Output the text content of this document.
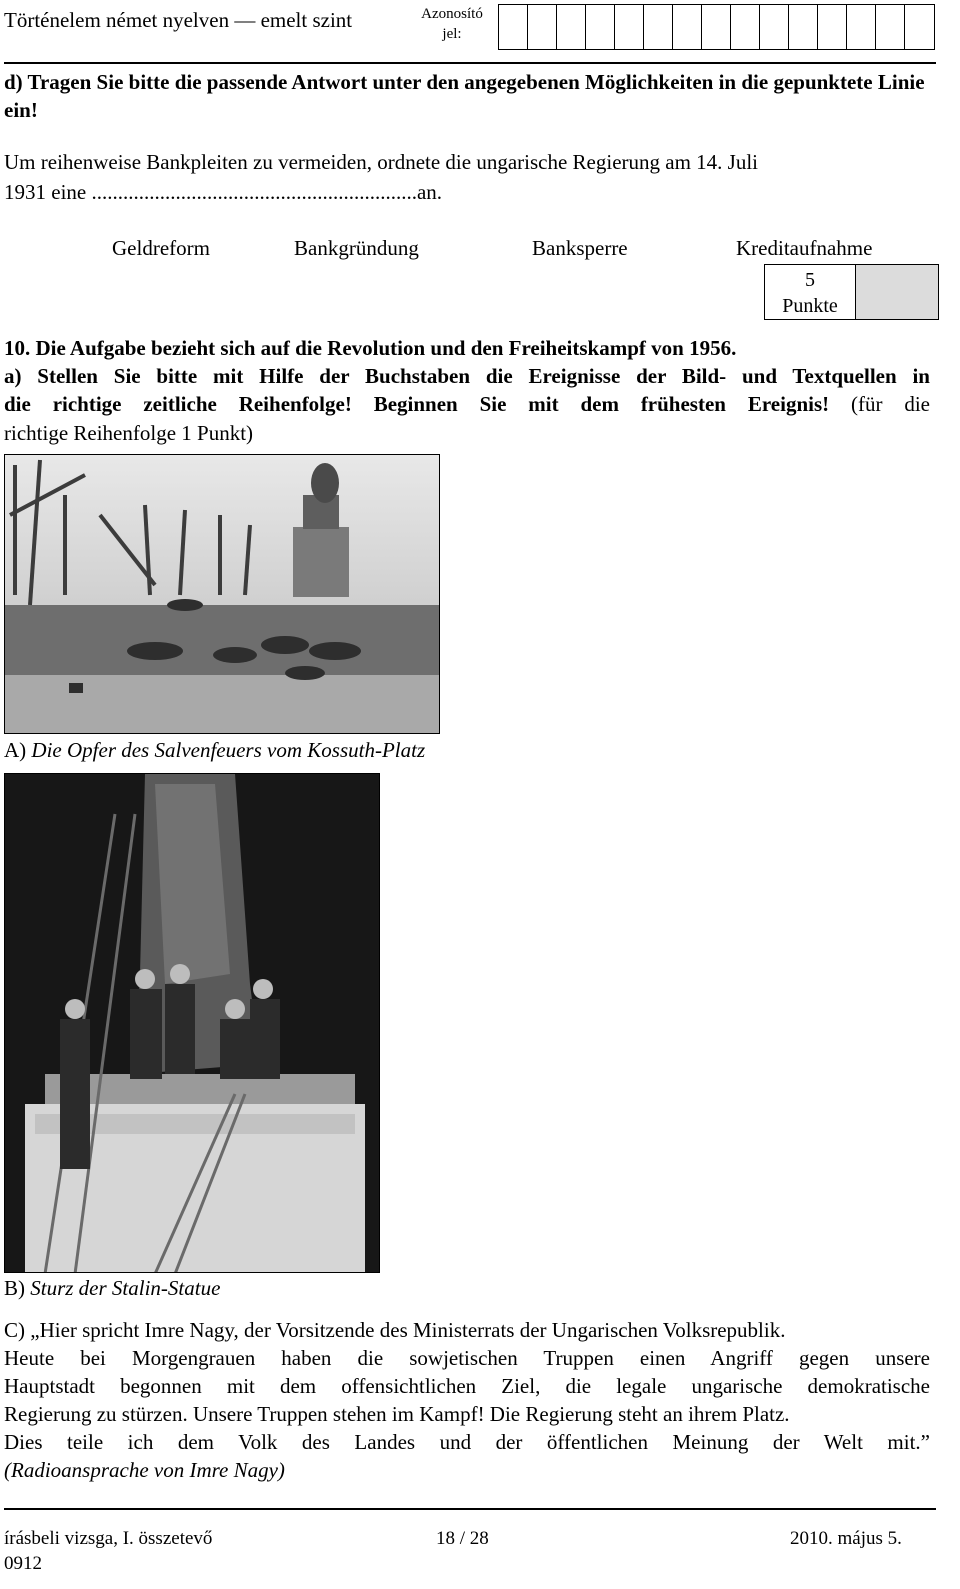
Történelem német nyelven — emelt szint	Azonosító
jel:
d) Tragen Sie bitte die passende Antwort unter den angegebenen Möglichkeiten in die gepunktete Linie ein!
Um reihenweise Bankpleiten zu vermeiden, ordnete die ungarische Regierung am 14. Juli
1931 eine ..............................................................an.
Geldreform	Bankgründung	Banksperre	Kreditaufnahme
5
Punkte
10. Die Aufgabe bezieht sich auf die Revolution und den Freiheitskampf von 1956.
a) Stellen Sie bitte mit Hilfe der Buchstaben die Ereignisse der Bild- und Textquellen in
die richtige zeitliche Reihenfolge! Beginnen Sie mit dem frühesten Ereignis! (für die
richtige Reihenfolge 1 Punkt)
A) Die Opfer des Salvenfeuers vom Kossuth-Platz
B) Sturz der Stalin-Statue
C) „Hier spricht Imre Nagy, der Vorsitzende des Ministerrats der Ungarischen Volksrepublik.
Heute bei Morgengrauen haben die sowjetischen Truppen einen Angriff gegen unsere
Hauptstadt begonnen mit dem offensichtlichen Ziel, die legale ungarische demokratische
Regierung zu stürzen. Unsere Truppen stehen im Kampf! Die Regierung steht an ihrem Platz.
Dies teile ich dem Volk des Landes und der öffentlichen Meinung der Welt mit.”
(Radioansprache von Imre Nagy)
írásbeli vizsga, I. összetevő
0912
18 / 28	2010. május 5.
